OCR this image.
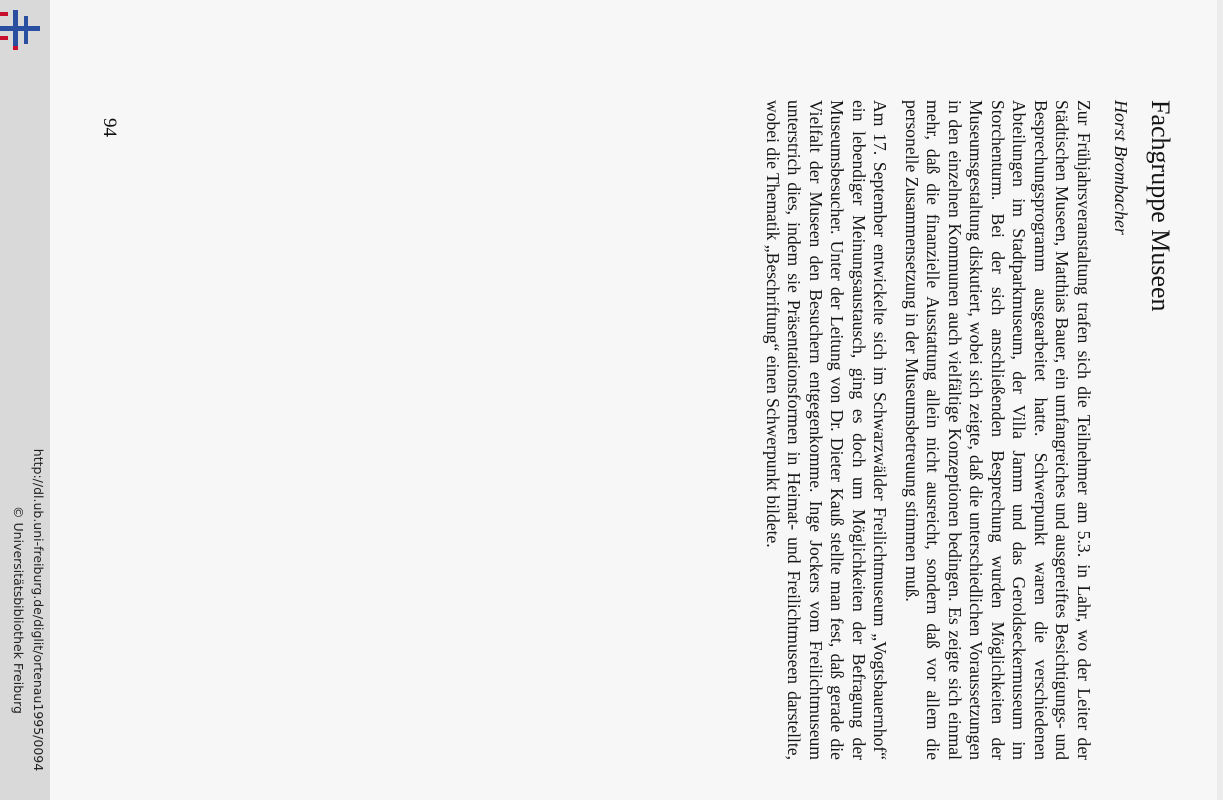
http://dl.ub.uni-freiburg.de/diglit/ortenau1995/0094
© Universitätsbibliothek Freiburg
94	Fachgruppe Museen
Horst Brombacher

Zur Frühjahrsveranstaltung trafen sich die Teilnehmer am 5.3. in Lahr, wo der Leiter der Städtischen Museen, Matthias Bauer, ein umfangreiches und ausgereiftes Besichtigungs- und Besprechungsprogramm ausgearbeitet hatte. Schwerpunkt waren die verschiedenen Abteilungen im Stadtparkmuseum, der Villa Jamm und das Geroldseckermuseum im Storchenturm. Bei der sich anschließenden Besprechung wurden Möglichkeiten der Museumsgestaltung diskutiert, wobei sich zeigte, daß die unterschiedlichen Voraussetzungen in den einzelnen Kommunen auch vielfältige Konzeptionen bedingen. Es zeigte sich einmal mehr, daß die finanzielle Ausstattung allein nicht ausreicht, sondern daß vor allem die personelle Zusammensetzung in der Museumsbetreuung stimmen muß.

Am 17. September entwickelte sich im Schwarzwälder Freilichtmuseum „Vogtsbauernhof“ ein lebendiger Meinungsaustausch, ging es doch um Möglichkeiten der Befragung der Museumsbesucher. Unter der Leitung von Dr. Dieter Kauß stellte man fest, daß gerade die Vielfalt der Museen den Besuchern entgegenkomme. Inge Jockers vom Freilichtmuseum unterstrich dies, indem sie Präsentationsformen in Heimat- und Freilichtmuseen darstellte, wobei die Thematik „Beschriftung“ einen Schwerpunkt bildete.
